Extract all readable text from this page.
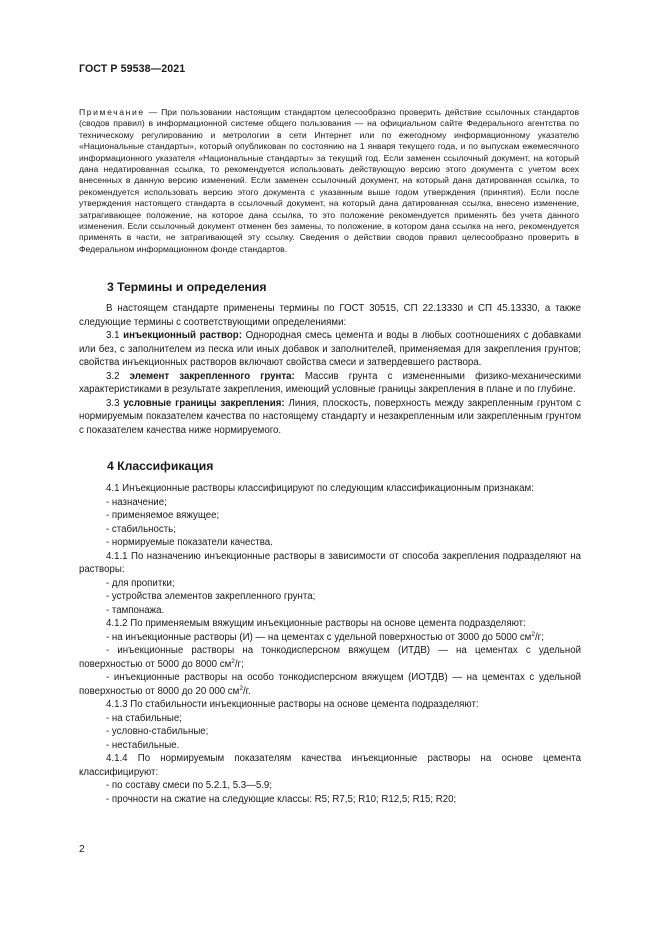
ГОСТ Р 59538—2021

Примечание — При пользовании настоящим стандартом целесообразно проверить действие ссылочных стандартов (сводов правил) в информационной системе общего пользования — на официальном сайте Федерального агентства по техническому регулированию и метрологии в сети Интернет или по ежегодному информационному указателю «Национальные стандарты», который опубликован по состоянию на 1 января текущего года, и по выпускам ежемесячного информационного указателя «Национальные стандарты» за текущий год. Если заменен ссылочный документ, на который дана недатированная ссылка, то рекомендуется использовать действующую версию этого документа с учетом всех внесенных в данную версию изменений. Если заменен ссылочный документ, на который дана датированная ссылка, то рекомендуется использовать версию этого документа с указанным выше годом утверждения (принятия). Если после утверждения настоящего стандарта в ссылочный документ, на который дана датированная ссылка, внесено изменение, затрагивающее положение, на которое дана ссылка, то это положение рекомендуется применять без учета данного изменения. Если ссылочный документ отменен без замены, то положение, в котором дана ссылка на него, рекомендуется применять в части, не затрагивающей эту ссылку. Сведения о действии сводов правил целесообразно проверить в Федеральном информационном фонде стандартов.

3 Термины и определения

В настоящем стандарте применены термины по ГОСТ 30515, СП 22.13330 и СП 45.13330, а также следующие термины с соответствующими определениями:

3.1 инъекционный раствор: Однородная смесь цемента и воды в любых соотношениях с добавками или без, с заполнителем из песка или иных добавок и заполнителей, применяемая для закрепления грунтов; свойства инъекционных растворов включают свойства смеси и затвердевшего раствора.

3.2 элемент закрепленного грунта: Массив грунта с измененными физико-механическими характеристиками в результате закрепления, имеющий условные границы закрепления в плане и по глубине.

3.3 условные границы закрепления: Линия, плоскость, поверхность между закрепленным грунтом с нормируемым показателем качества по настоящему стандарту и незакрепленным или закрепленным грунтом с показателем качества ниже нормируемого.

4 Классификация

4.1 Инъекционные растворы классифицируют по следующим классификационным признакам:

- назначение;

- применяемое вяжущее;

- стабильность;

- нормируемые показатели качества.

4.1.1 По назначению инъекционные растворы в зависимости от способа закрепления подразделяют на растворы:

- для пропитки;

- устройства элементов закрепленного грунта;

- тампонажа.

4.1.2 По применяемым вяжущим инъекционные растворы на основе цемента подразделяют:

- на инъекционные растворы (И) — на цементах с удельной поверхностью от 3000 до 5000 $см^2/г$;

- инъекционные растворы на тонкодисперсном вяжущем (ИТДВ) — на цементах с удельной поверхностью от 5000 до 8000 $см^2/г$;

- инъекционные растворы на особо тонкодисперсном вяжущем (ИОТДВ) — на цементах с удельной поверхностью от 8000 до 20 000 $см^2/г$.

4.1.3 По стабильности инъекционные растворы на основе цемента подразделяют:

- на стабильные;

- условно-стабильные;

- нестабильные.

4.1.4 По нормируемым показателям качества инъекционные растворы на основе цемента классифицируют:

- по составу смеси по 5.2.1, 5.3—5.9;

- прочности на сжатие на следующие классы: R5; R7,5; R10; R12,5; R15; R20;

2
